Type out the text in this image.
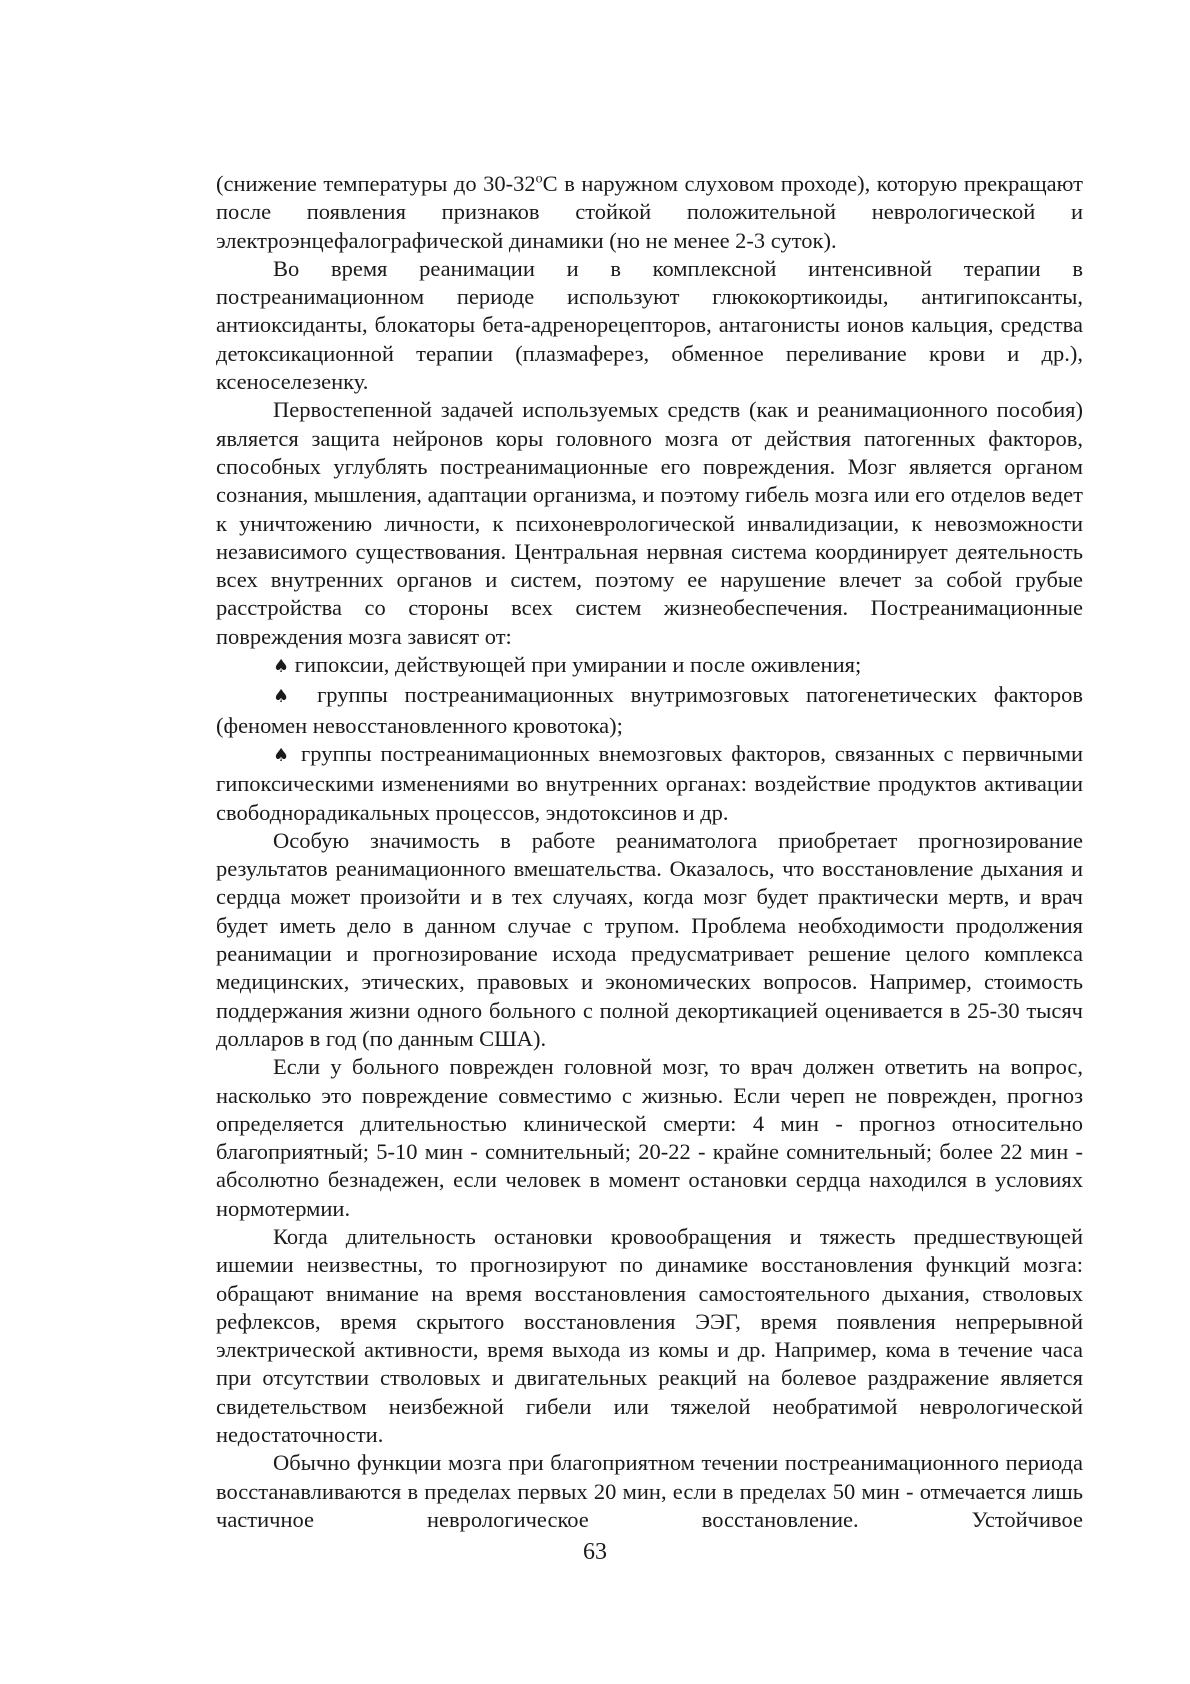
(снижение температуры до $30-32^оС$ в наружном слуховом проходе), которую прекращают после появления признаков стойкой положительной неврологической и электроэнцефалографической динамики (но не менее 2-3 суток).

Во время реанимации и в комплексной интенсивной терапии в постреанимационном периоде используют глюкокортикоиды, антигипоксанты, антиоксиданты, блокаторы бета-адренорецепторов, антагонисты ионов кальция, средства детоксикационной терапии (плазмаферез, обменное переливание крови и др.), ксеноселезенку.

Первостепенной задачей используемых средств (как и реанимационного пособия) является защита нейронов коры головного мозга от действия патогенных факторов, способных углублять постреанимационные его повреждения. Мозг является органом сознания, мышления, адаптации организма, и поэтому гибель мозга или его отделов ведет к уничтожению личности, к психоневрологической инвалидизации, к невозможности независимого существования. Центральная нервная система координирует деятельность всех внутренних органов и систем, поэтому ее нарушение влечет за собой грубые расстройства со стороны всех систем жизнеобеспечения. Постреанимационные повреждения мозга зависят от:

♠ гипоксии, действующей при умирании и после оживления;

♠ группы постреанимационных внутримозговых патогенетических факторов (феномен невосстановленного кровотока);

♠ группы постреанимационных внемозговых факторов, связанных с первичными гипоксическими изменениями во внутренних органах: воздействие продуктов активации свободнорадикальных процессов, эндотоксинов и др.

Особую значимость в работе реаниматолога приобретает прогнозирование результатов реанимационного вмешательства. Оказалось, что восстановление дыхания и сердца может произойти и в тех случаях, когда мозг будет практически мертв, и врач будет иметь дело в данном случае с трупом. Проблема необходимости продолжения реанимации и прогнозирование исхода предусматривает решение целого комплекса медицинских, этических, правовых и экономических вопросов. Например, стоимость поддержания жизни одного больного с полной декортикацией оценивается в 25-30 тысяч долларов в год (по данным США).

Если у больного поврежден головной мозг, то врач должен ответить на вопрос, насколько это повреждение совместимо с жизнью. Если череп не поврежден, прогноз определяется длительностью клинической смерти: 4 мин - прогноз относительно благоприятный; 5-10 мин - сомнительный; 20-22 - крайне сомнительный; более 22 мин - абсолютно безнадежен, если человек в момент остановки сердца находился в условиях нормотермии.

Когда длительность остановки кровообращения и тяжесть предшествующей ишемии неизвестны, то прогнозируют по динамике восстановления функций мозга: обращают внимание на время восстановления самостоятельного дыхания, стволовых рефлексов, время скрытого восстановления ЭЭГ, время появления непрерывной электрической активности, время выхода из комы и др. Например, кома в течение часа при отсутствии стволовых и двигательных реакций на болевое раздражение является свидетельством неизбежной гибели или тяжелой необратимой неврологической недостаточности.

Обычно функции мозга при благоприятном течении постреанимационного периода восстанавливаются в пределах первых 20 мин, если в пределах 50 мин - отмечается лишь частичное неврологическое восстановление. Устойчивое

63
